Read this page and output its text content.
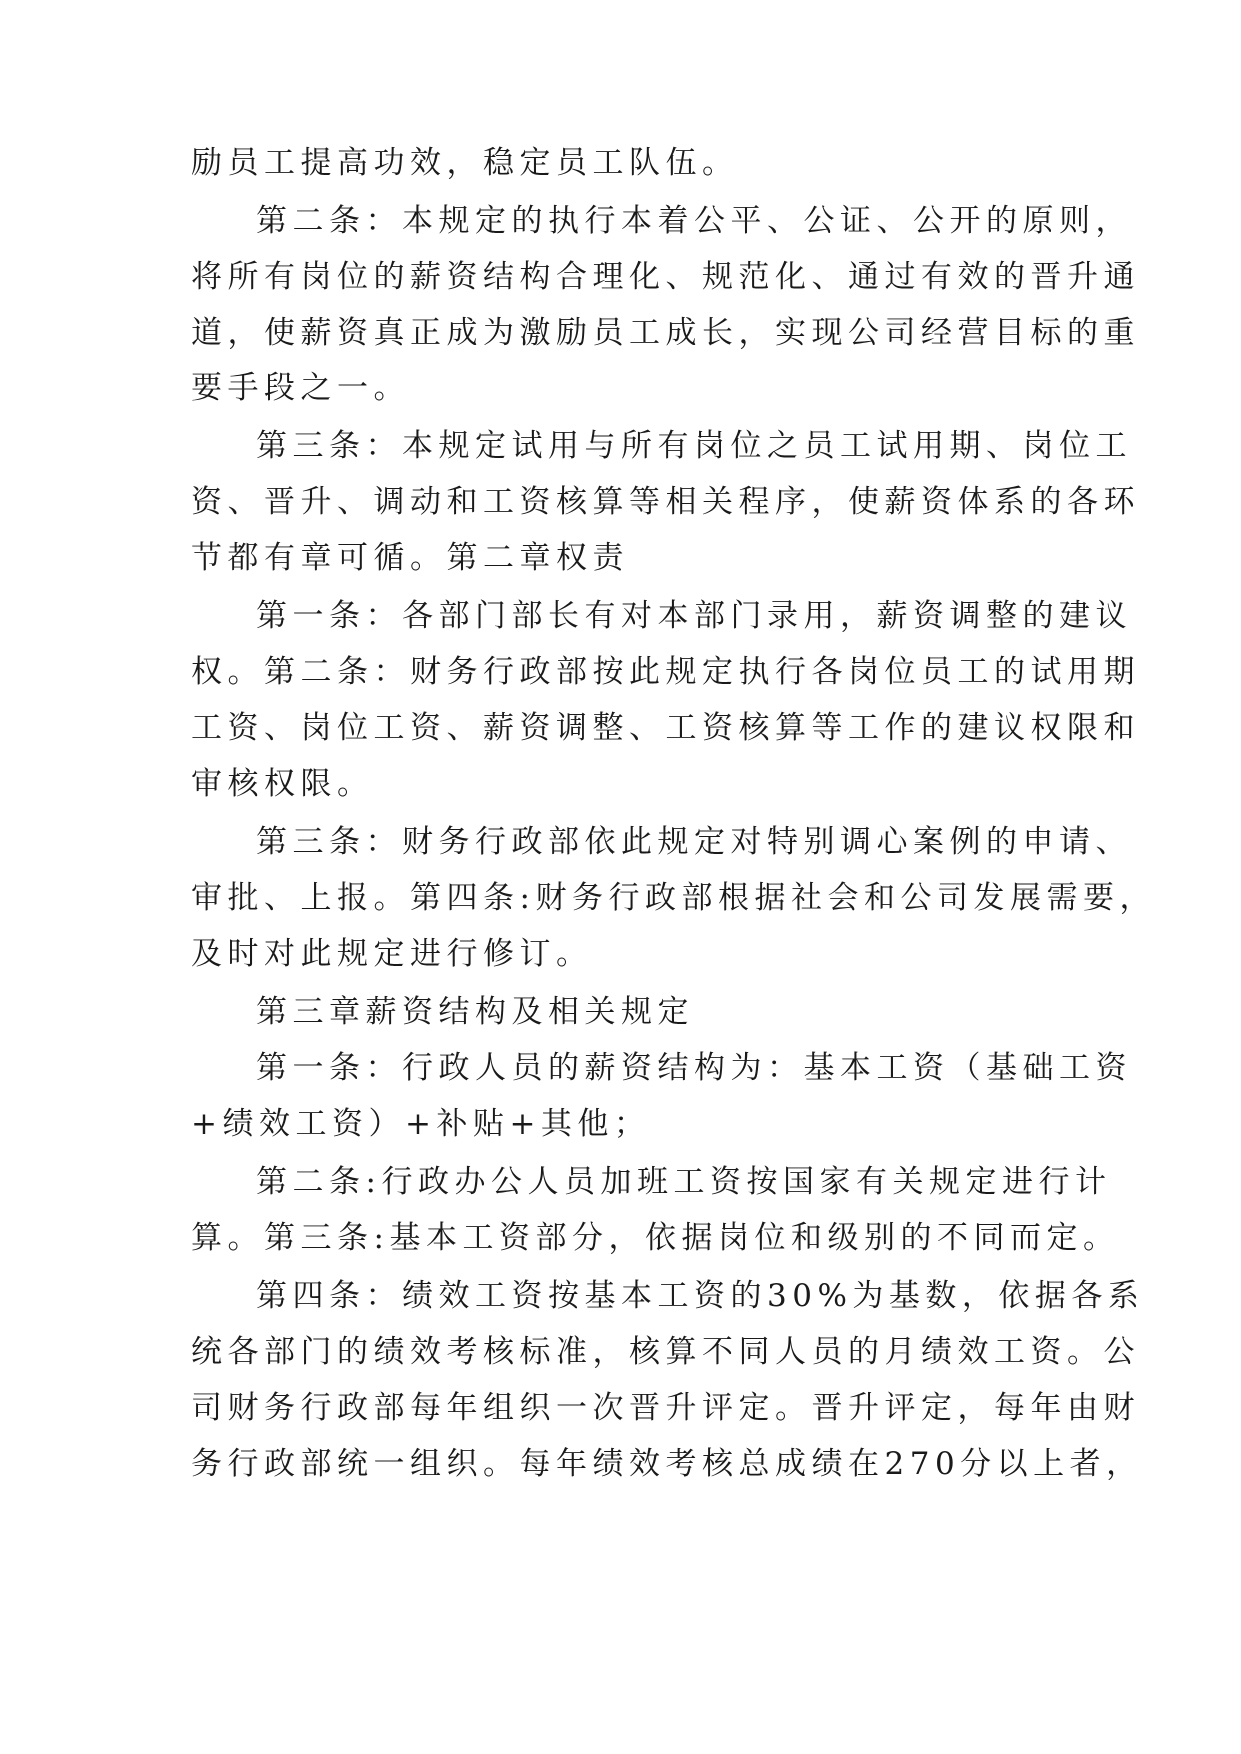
励员工提高功效，稳定员工队伍。
第二条：本规定的执行本着公平、公证、公开的原则，
将所有岗位的薪资结构合理化、规范化、通过有效的晋升通
道，使薪资真正成为激励员工成长，实现公司经营目标的重
要手段之一。
第三条：本规定试用与所有岗位之员工试用期、岗位工
资、晋升、调动和工资核算等相关程序，使薪资体系的各环
节都有章可循。第二章权责
第一条：各部门部长有对本部门录用，薪资调整的建议
权。第二条：财务行政部按此规定执行各岗位员工的试用期
工资、岗位工资、薪资调整、工资核算等工作的建议权限和
审核权限。
第三条：财务行政部依此规定对特别调心案例的申请、
审批、上报。第四条:财务行政部根据社会和公司发展需要，
及时对此规定进行修订。
第三章薪资结构及相关规定
第一条：行政人员的薪资结构为：基本工资（基础工资
+绩效工资）+补贴+其他；
第二条:行政办公人员加班工资按国家有关规定进行计
算。第三条:基本工资部分，依据岗位和级别的不同而定。
第四条：绩效工资按基本工资的30%为基数，依据各系
统各部门的绩效考核标准，核算不同人员的月绩效工资。公
司财务行政部每年组织一次晋升评定。晋升评定，每年由财
务行政部统一组织。每年绩效考核总成绩在270分以上者，
